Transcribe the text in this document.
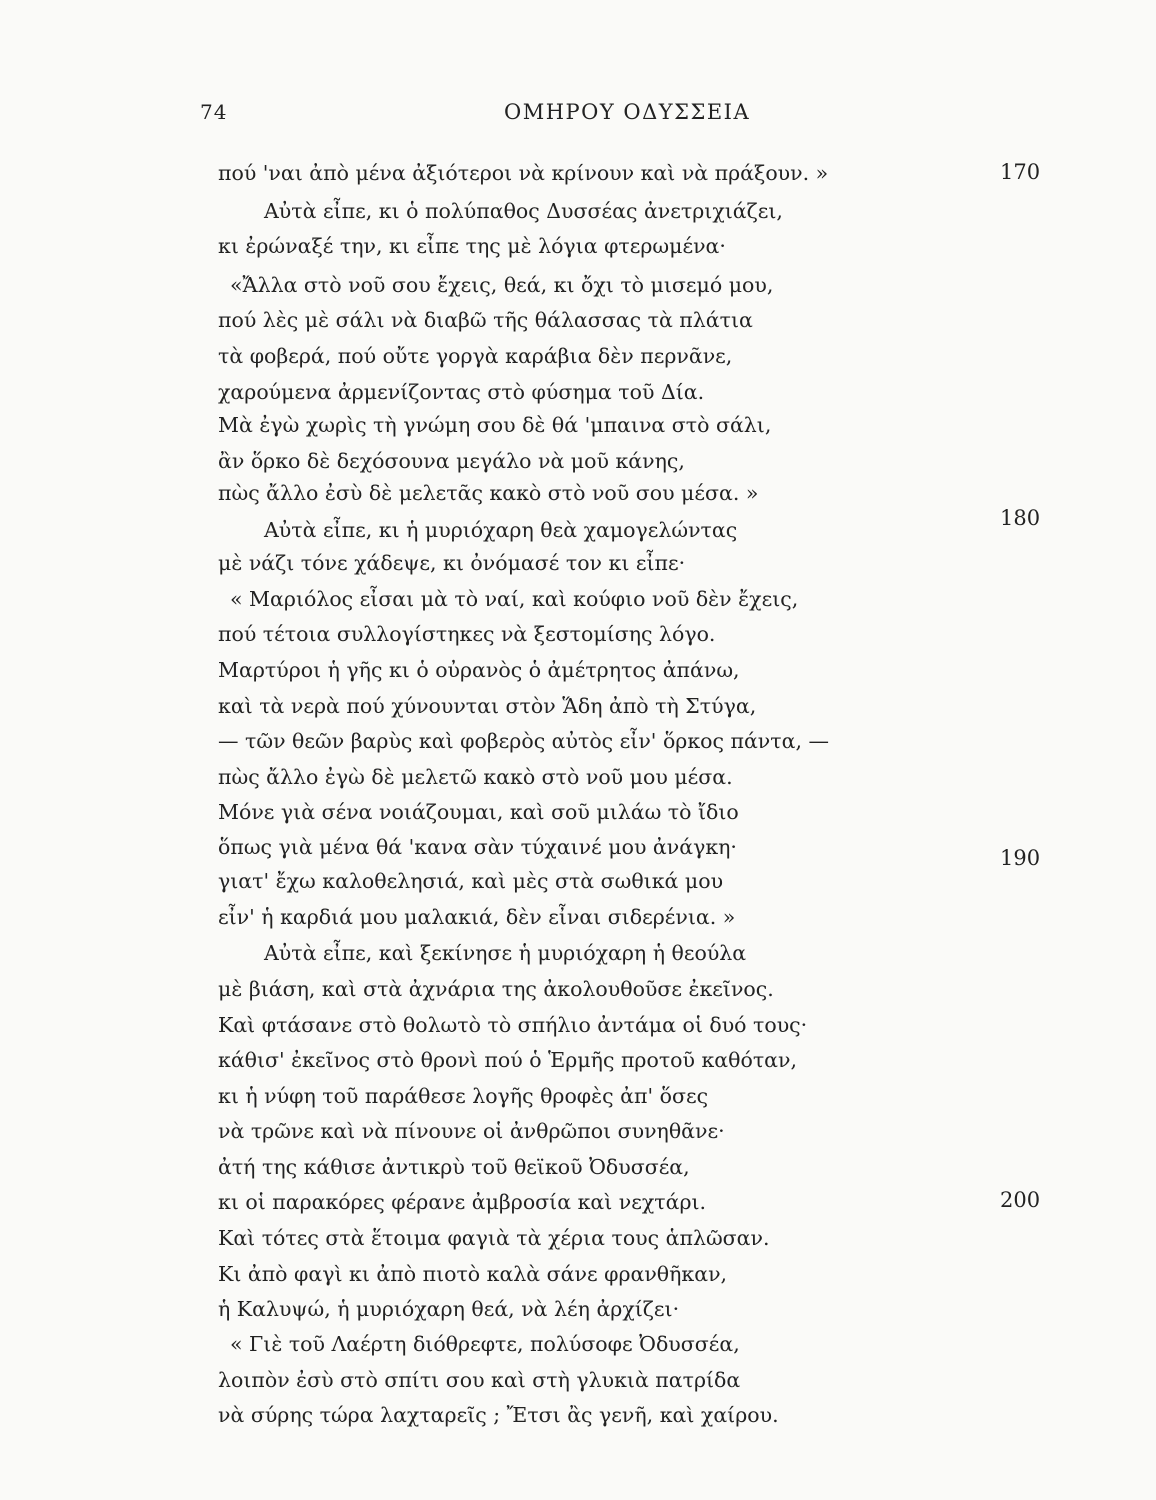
74	ΟΜΗΡΟΥ ΟΔΥΣΣΕΙΑ
πού 'ναι ἀπὸ μένα ἀξιότεροι νὰ κρίνουν καὶ νὰ πράξουν. »
Αὐτὰ εἶπε, κι ὁ πολύπαθος Δυσσέας ἀνετριχιάζει,
κι ἐρώναξέ την, κι εἶπε της μὲ λόγια φτερωμένα·
«Ἄλλα στὸ νοῦ σου ἔχεις, θεά, κι ὄχι τὸ μισεμό μου,
πού λὲς μὲ σάλι νὰ διαβῶ τῆς θάλασσας τὰ πλάτια
τὰ φοβερά, πού οὔτε γοργὰ καράβια δὲν περνᾶνε,
χαρούμενα ἀρμενίζοντας στὸ φύσημα τοῦ Δία.
Μὰ ἐγὼ χωρὶς τὴ γνώμη σου δὲ θά 'μπαινα στὸ σάλι,
ἂν ὅρκο δὲ δεχόσουνα μεγάλο νὰ μοῦ κάνης,
πὼς ἄλλο ἐσὺ δὲ μελετᾶς κακὸ στὸ νοῦ σου μέσα. »
Αὐτὰ εἶπε, κι ἡ μυριόχαρη θεὰ χαμογελώντας
μὲ νάζι τόνε χάδεψε, κι ὀνόμασέ τον κι εἶπε·
« Μαριόλος εἶσαι μὰ τὸ ναί, καὶ κούφιο νοῦ δὲν ἔχεις,
πού τέτοια συλλογίστηκες νὰ ξεστομίσης λόγο.
Μαρτύροι ἡ γῆς κι ὁ οὐρανὸς ὁ ἀμέτρητος ἀπάνω,
καὶ τὰ νερὰ πού χύνουνται στὸν Ἅδη ἀπὸ τὴ Στύγα,
— τῶν θεῶν βαρὺς καὶ φοβερὸς αὐτὸς εἶν' ὅρκος πάντα, —
πὼς ἄλλο ἐγὼ δὲ μελετῶ κακὸ στὸ νοῦ μου μέσα.
Μόνε γιὰ σένα νοιάζουμαι, καὶ σοῦ μιλάω τὸ ἴδιο
ὅπως γιὰ μένα θά 'κανα σὰν τύχαινέ μου ἀνάγκη·
γιατ' ἔχω καλοθελησιά, καὶ μὲς στὰ σωθικά μου
εἶν' ἡ καρδιά μου μαλακιά, δὲν εἶναι σιδερένια. »
Αὐτὰ εἶπε, καὶ ξεκίνησε ἡ μυριόχαρη ἡ θεούλα
μὲ βιάση, καὶ στὰ ἀχνάρια της ἀκολουθοῦσε ἐκεῖνος.
Καὶ φτάσανε στὸ θολωτὸ τὸ σπήλιο ἀντάμα οἱ δυό τους·
κάθισ' ἐκεῖνος στὸ θρονὶ πού ὁ Ἑρμῆς προτοῦ καθόταν,
κι ἡ νύφη τοῦ παράθεσε λογῆς θροφὲς ἀπ' ὅσες
νὰ τρῶνε καὶ νὰ πίνουνε οἱ ἀνθρῶποι συνηθᾶνε·
ἀτή της κάθισε ἀντικρὺ τοῦ θεϊκοῦ Ὀδυσσέα,
κι οἱ παρακόρες φέρανε ἀμβροσία καὶ νεχτάρι.
Καὶ τότες στὰ ἕτοιμα φαγιὰ τὰ χέρια τους ἁπλῶσαν.
Κι ἀπὸ φαγὶ κι ἀπὸ πιοτὸ καλὰ σάνε φρανθῆκαν,
ἡ Καλυψώ, ἡ μυριόχαρη θεά, νὰ λέη ἀρχίζει·
« Γιὲ τοῦ Λαέρτη διόθρεφτε, πολύσοφε Ὀδυσσέα,
λοιπὸν ἐσὺ στὸ σπίτι σου καὶ στὴ γλυκιὰ πατρίδα
νὰ σύρης τώρα λαχταρεῖς ; Ἔτσι ἂς γενῆ, καὶ χαίρου.
170
180
190
200
